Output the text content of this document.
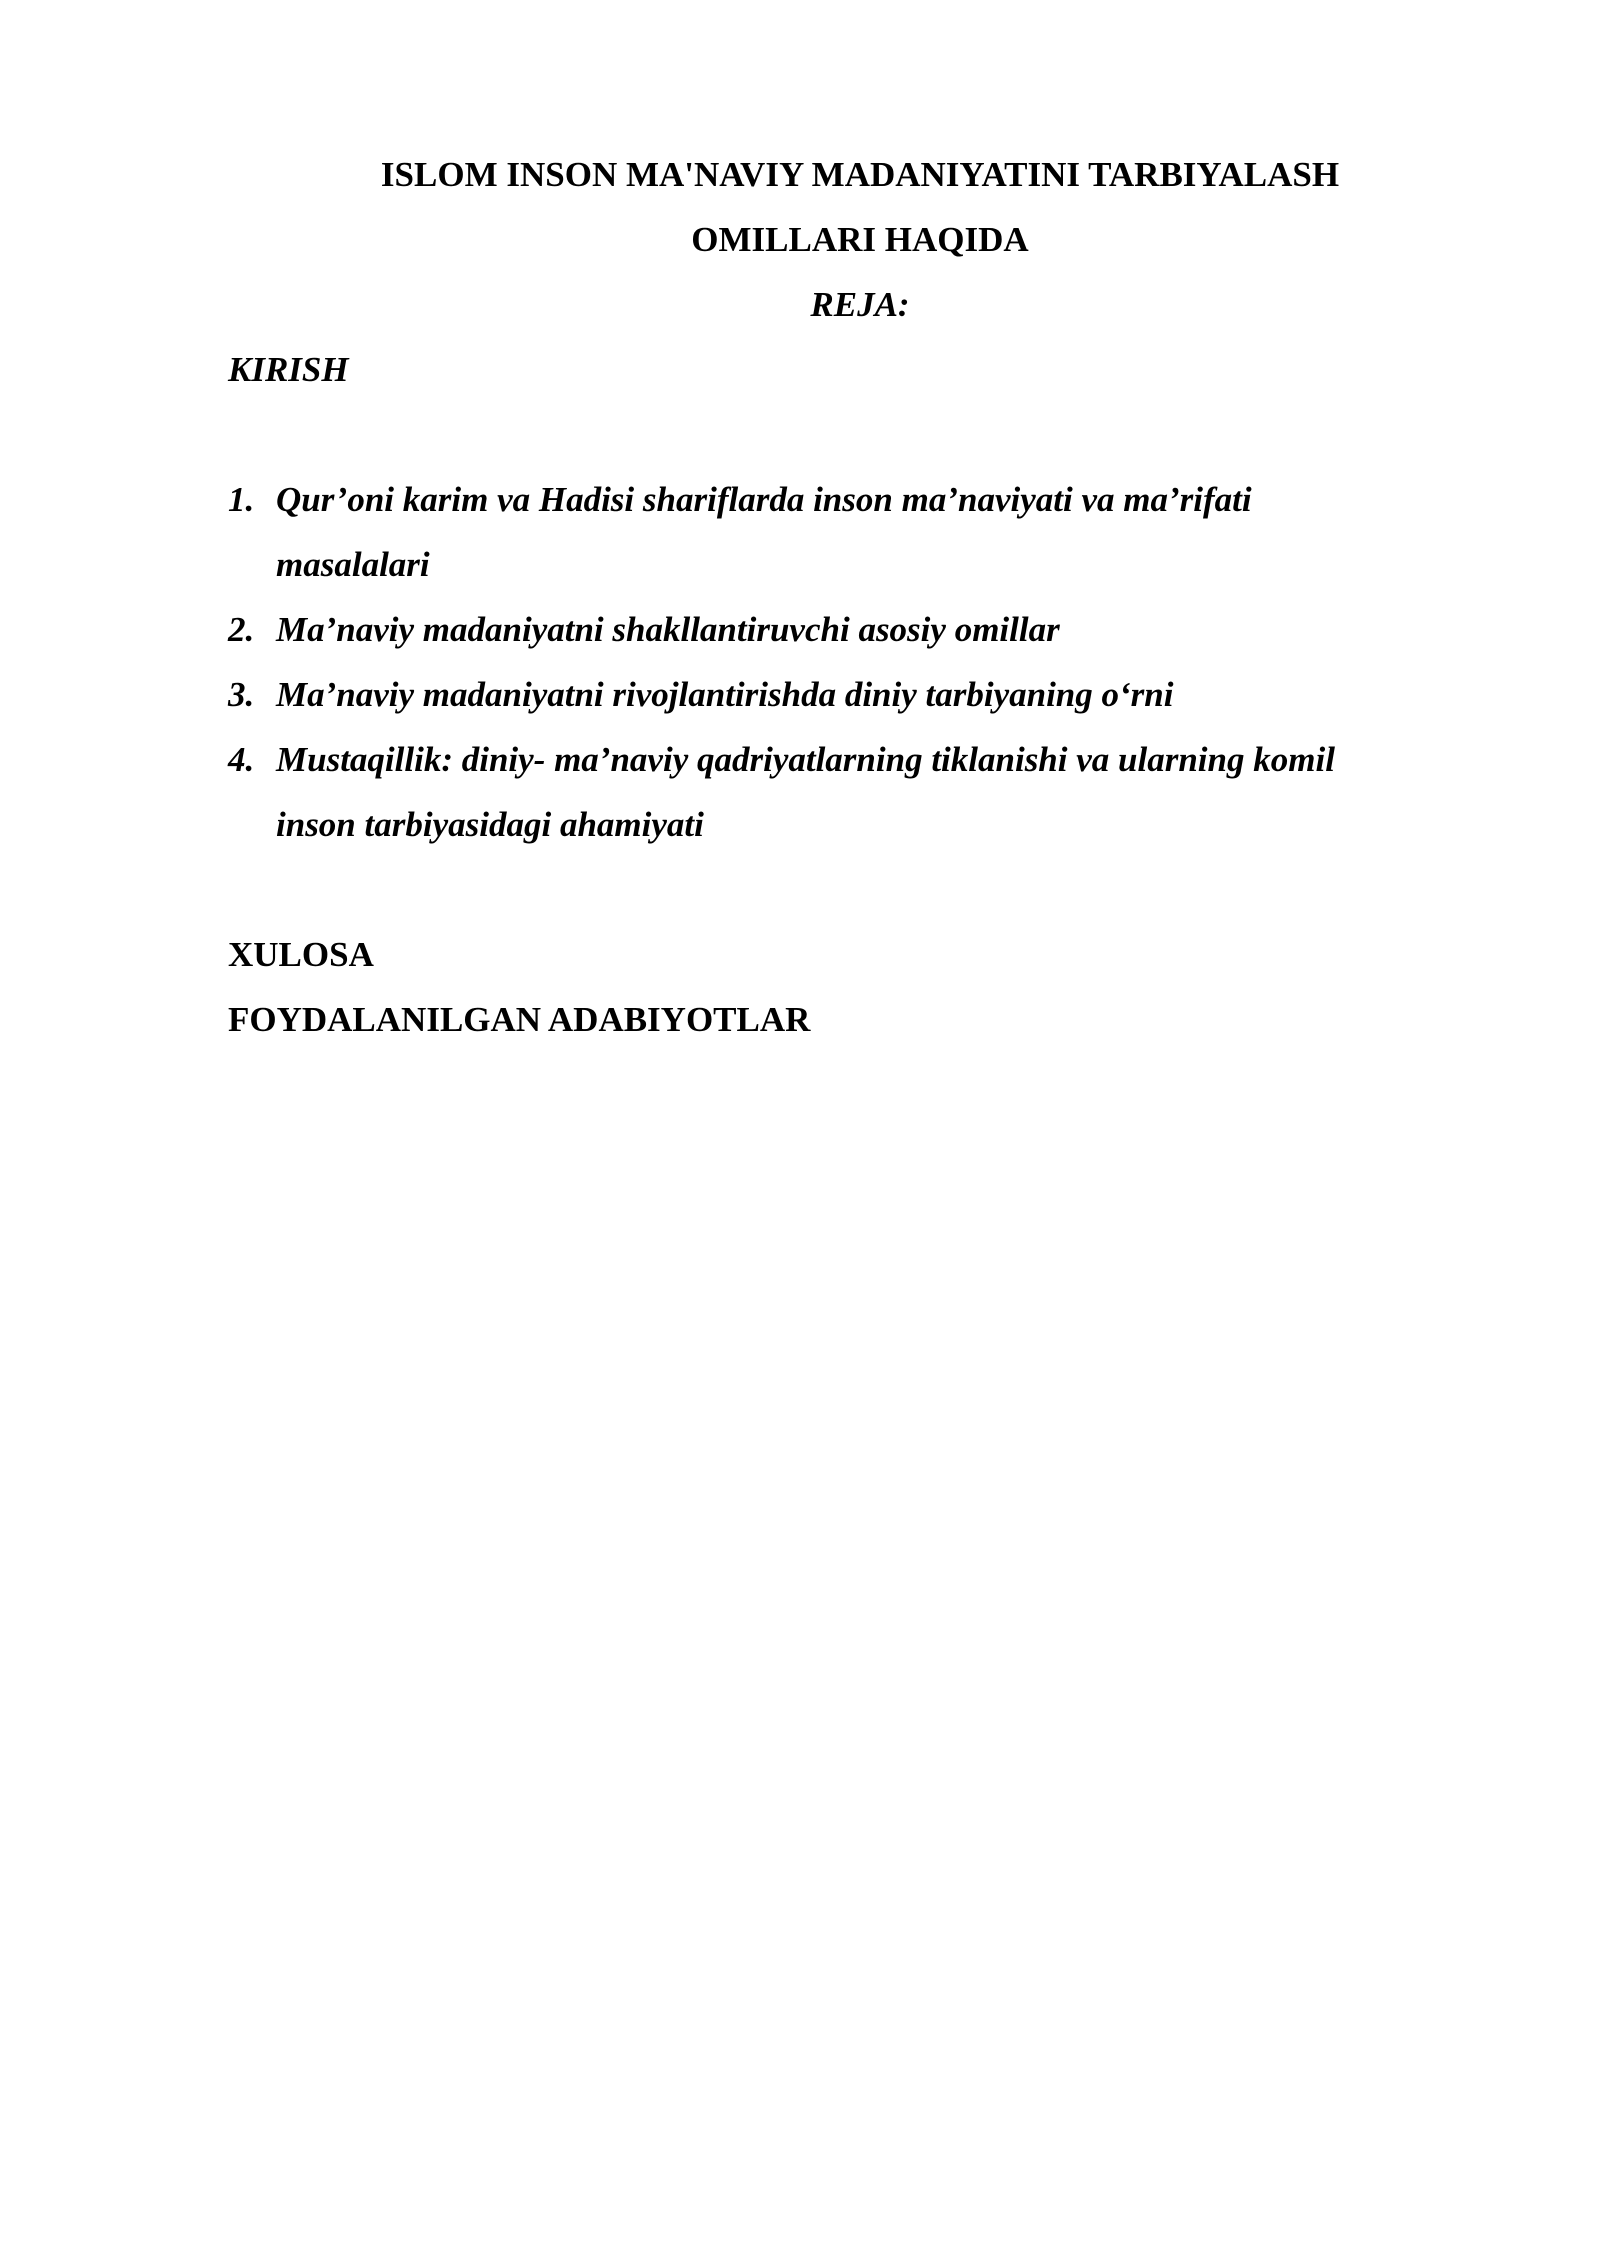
ISLOM INSON MA'NAVIY MADANIYATINI TARBIYALASH
OMILLARI HAQIDA
REJA:
KIRISH
1. Qur’oni karim va Hadisi shariflarda inson ma’naviyati va ma’rifati
masalalari
2. Ma’naviy madaniyatni shakllantiruvchi asosiy omillar
3. Ma’naviy madaniyatni rivojlantirishda diniy tarbiyaning o‘rni
4. Mustaqillik: diniy- ma’naviy qadriyatlarning tiklanishi va ularning komil
inson tarbiyasidagi ahamiyati
XULOSA
FOYDALANILGAN ADABIYOTLAR
